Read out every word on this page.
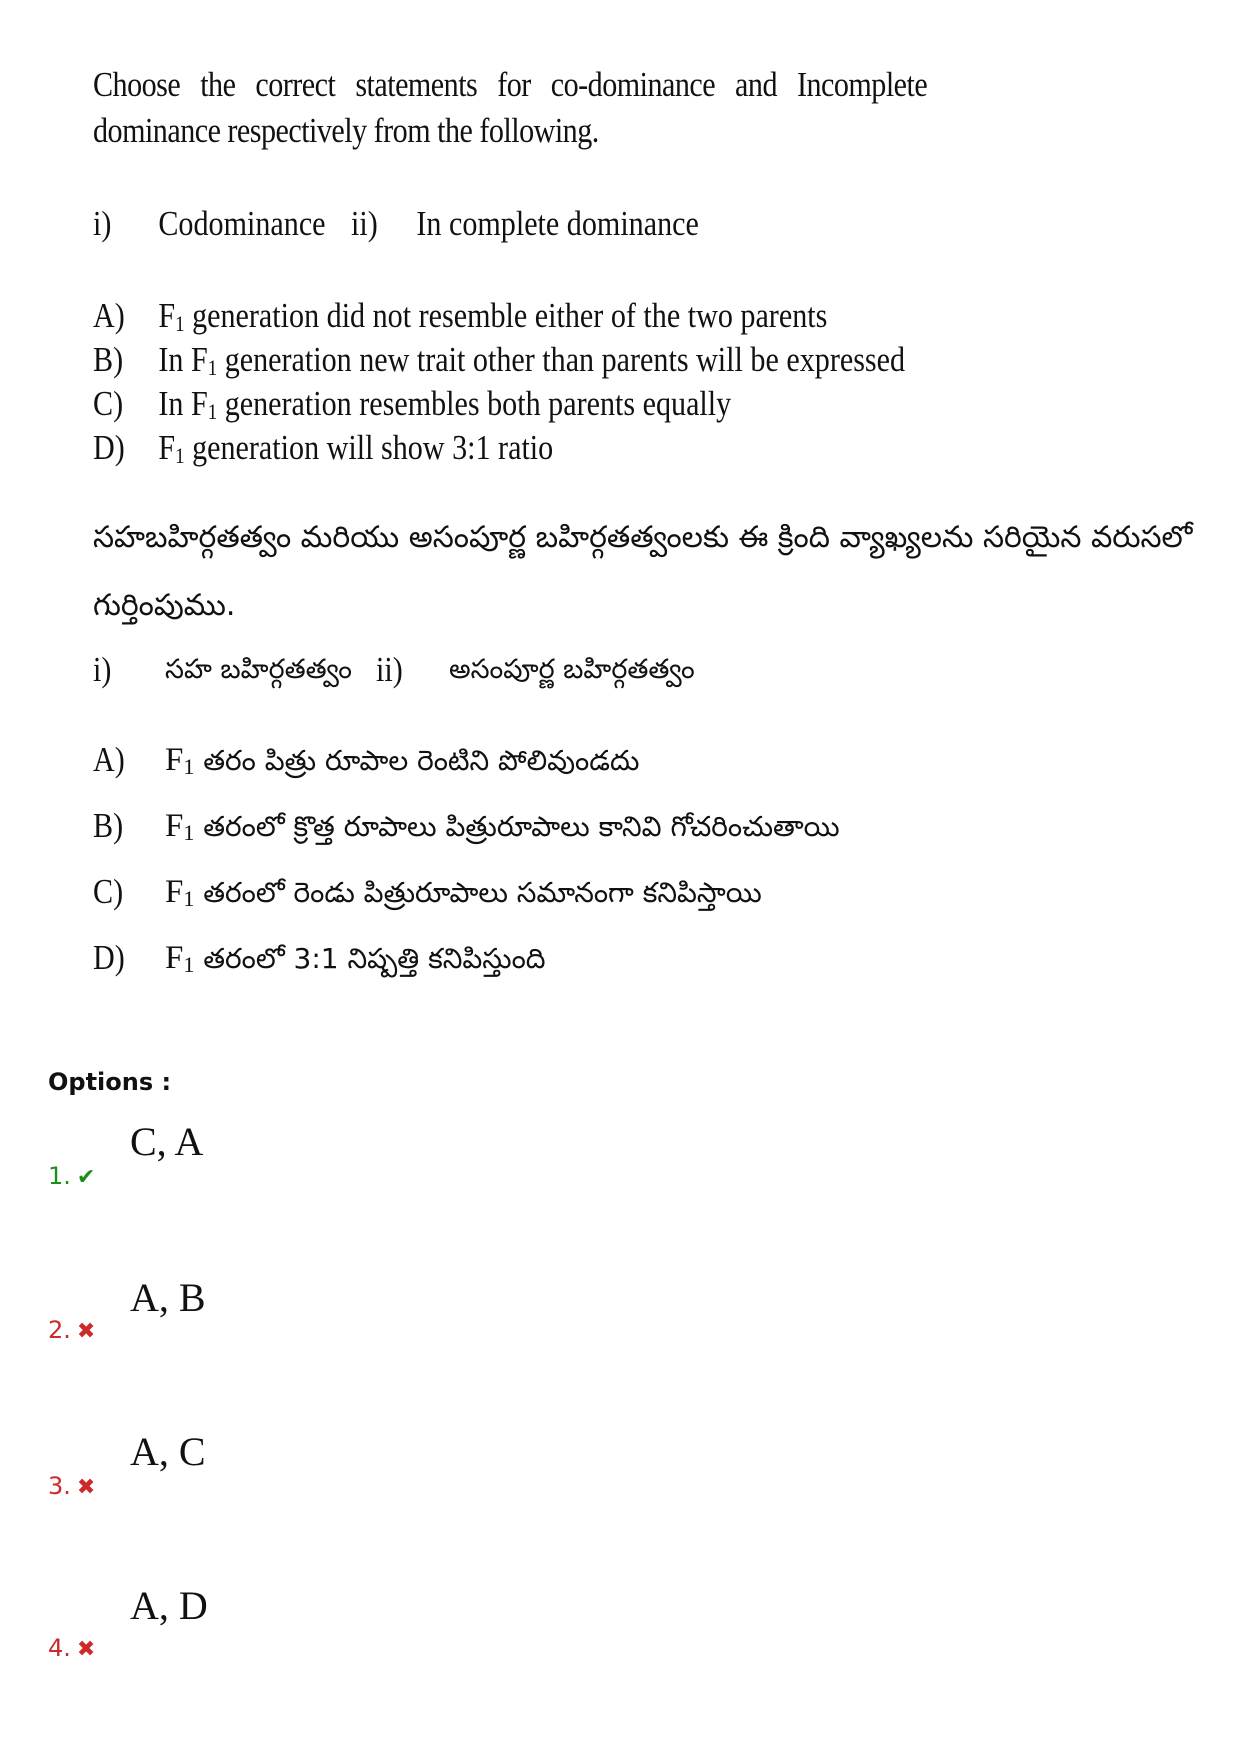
Choose the correct statements for co-dominance and Incomplete dominance respectively from the following.
i) Codominance ii) In complete dominance
A) $F_1$ generation did not resemble either of the two parents
B) In $F_1$ generation new trait other than parents will be expressed
C) In $F_1$ generation resembles both parents equally
D) $F_1$ generation will show 3:1 ratio
సహబహిర్గతత్వం మరియు అసంపూర్ణ బహిర్గతత్వంలకు ఈ క్రింది వ్యాఖ్యలను సరియైన వరుసలో
గుర్తింపుము.
i) సహ బహిర్గతత్వం ii) అసంపూర్ణ బహిర్గతత్వం
A) $F_1$ తరం పిత్రు రూపాల రెంటిని పోలివుండదు
B) $F_1$ తరంలో క్రొత్త రూపాలు పిత్రురూపాలు కానివి గోచరించుతాయి
C) $F_1$ తరంలో రెండు పిత్రురూపాలు సమానంగా కనిపిస్తాయి
D) $F_1$ తరంలో 3:1 నిష్పత్తి కనిపిస్తుంది
Options :
C, A
1. ✔
A, B
2. ✖
A, C
3. ✖
A, D
4. ✖
